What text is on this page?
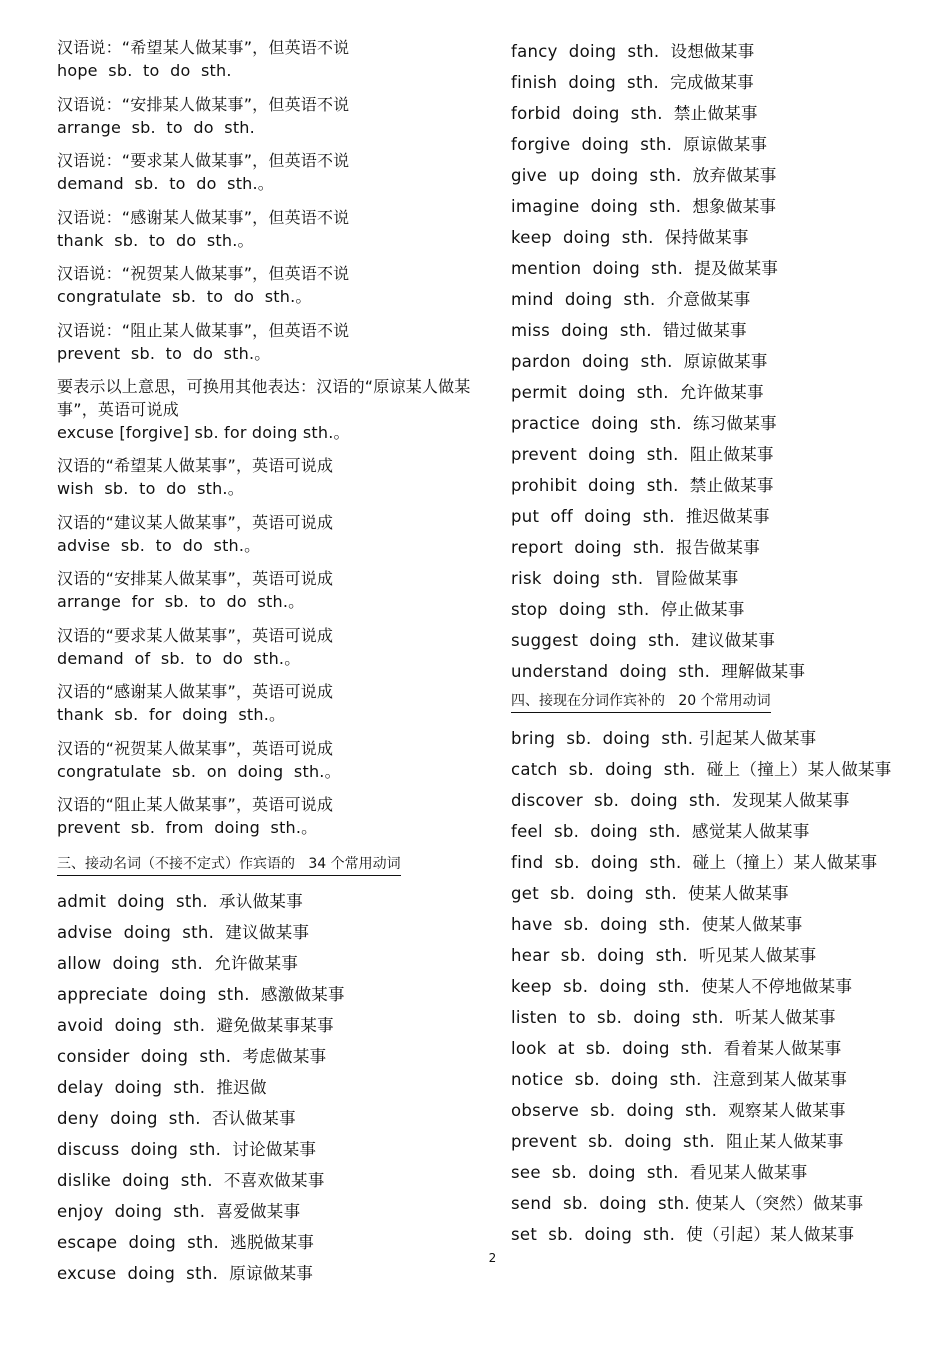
汉语说：“希望某人做某事”，但英语不说
hope  sb.  to  do  sth.
汉语说：“安排某人做某事”，但英语不说
arrange  sb.  to  do  sth.
汉语说：“要求某人做某事”，但英语不说
demand  sb.  to  do  sth.。
汉语说：“感谢某人做某事”，但英语不说
thank  sb.  to  do  sth.。
汉语说：“祝贺某人做某事”，但英语不说
congratulate  sb.  to  do  sth.。
汉语说：“阻止某人做某事”，但英语不说
prevent  sb.  to  do  sth.。
要表示以上意思，可换用其他表达：汉语的“原谅某人做某事”，英语可说成
excuse [forgive] sb. for doing sth.。
汉语的“希望某人做某事”，英语可说成
wish  sb.  to  do  sth.。
汉语的“建议某人做某事”，英语可说成
advise  sb.  to  do  sth.。
汉语的“安排某人做某事”，英语可说成
arrange  for  sb.  to  do  sth.。
汉语的“要求某人做某事”，英语可说成
demand  of  sb.  to  do  sth.。
汉语的“感谢某人做某事”，英语可说成
thank  sb.  for  doing  sth.。
汉语的“祝贺某人做某事”，英语可说成
congratulate  sb.  on  doing  sth.。
汉语的“阻止某人做某事”，英语可说成
prevent  sb.  from  doing  sth.。
三、接动名词（不接不定式）作宾语的   34 个常用动词
admit  doing  sth.  承认做某事
advise  doing  sth.  建议做某事
allow  doing  sth.  允许做某事
appreciate  doing  sth.  感激做某事
avoid  doing  sth.  避免做某事某事
consider  doing  sth.  考虑做某事
delay  doing  sth.  推迟做
deny  doing  sth.  否认做某事
discuss  doing  sth.  讨论做某事
dislike  doing  sth.  不喜欢做某事
enjoy  doing  sth.  喜爱做某事
escape  doing  sth.  逃脱做某事
excuse  doing  sth.  原谅做某事
fancy  doing  sth.  设想做某事
finish  doing  sth.  完成做某事
forbid  doing  sth.  禁止做某事
forgive  doing  sth.  原谅做某事
give  up  doing  sth.  放弃做某事
imagine  doing  sth.  想象做某事
keep  doing  sth.  保持做某事
mention  doing  sth.  提及做某事
mind  doing  sth.  介意做某事
miss  doing  sth.  错过做某事
pardon  doing  sth.  原谅做某事
permit  doing  sth.  允许做某事
practice  doing  sth.  练习做某事
prevent  doing  sth.  阻止做某事
prohibit  doing  sth.  禁止做某事
put  off  doing  sth.  推迟做某事
report  doing  sth.  报告做某事
risk  doing  sth.  冒险做某事
stop  doing  sth.  停止做某事
suggest  doing  sth.  建议做某事
understand  doing  sth.  理解做某事
四、接现在分词作宾补的   20 个常用动词
bring  sb.  doing  sth. 引起某人做某事
catch  sb.  doing  sth.  碰上（撞上）某人做某事
discover  sb.  doing  sth.  发现某人做某事
feel  sb.  doing  sth.  感觉某人做某事
find  sb.  doing  sth.  碰上（撞上）某人做某事
get  sb.  doing  sth.  使某人做某事
have  sb.  doing  sth.  使某人做某事
hear  sb.  doing  sth.  听见某人做某事
keep  sb.  doing  sth.  使某人不停地做某事
listen  to  sb.  doing  sth.  听某人做某事
look  at  sb.  doing  sth.  看着某人做某事
notice  sb.  doing  sth.  注意到某人做某事
observe  sb.  doing  sth.  观察某人做某事
prevent  sb.  doing  sth.  阻止某人做某事
see  sb.  doing  sth.  看见某人做某事
send  sb.  doing  sth. 使某人（突然）做某事
set  sb.  doing  sth.  使（引起）某人做某事
2
